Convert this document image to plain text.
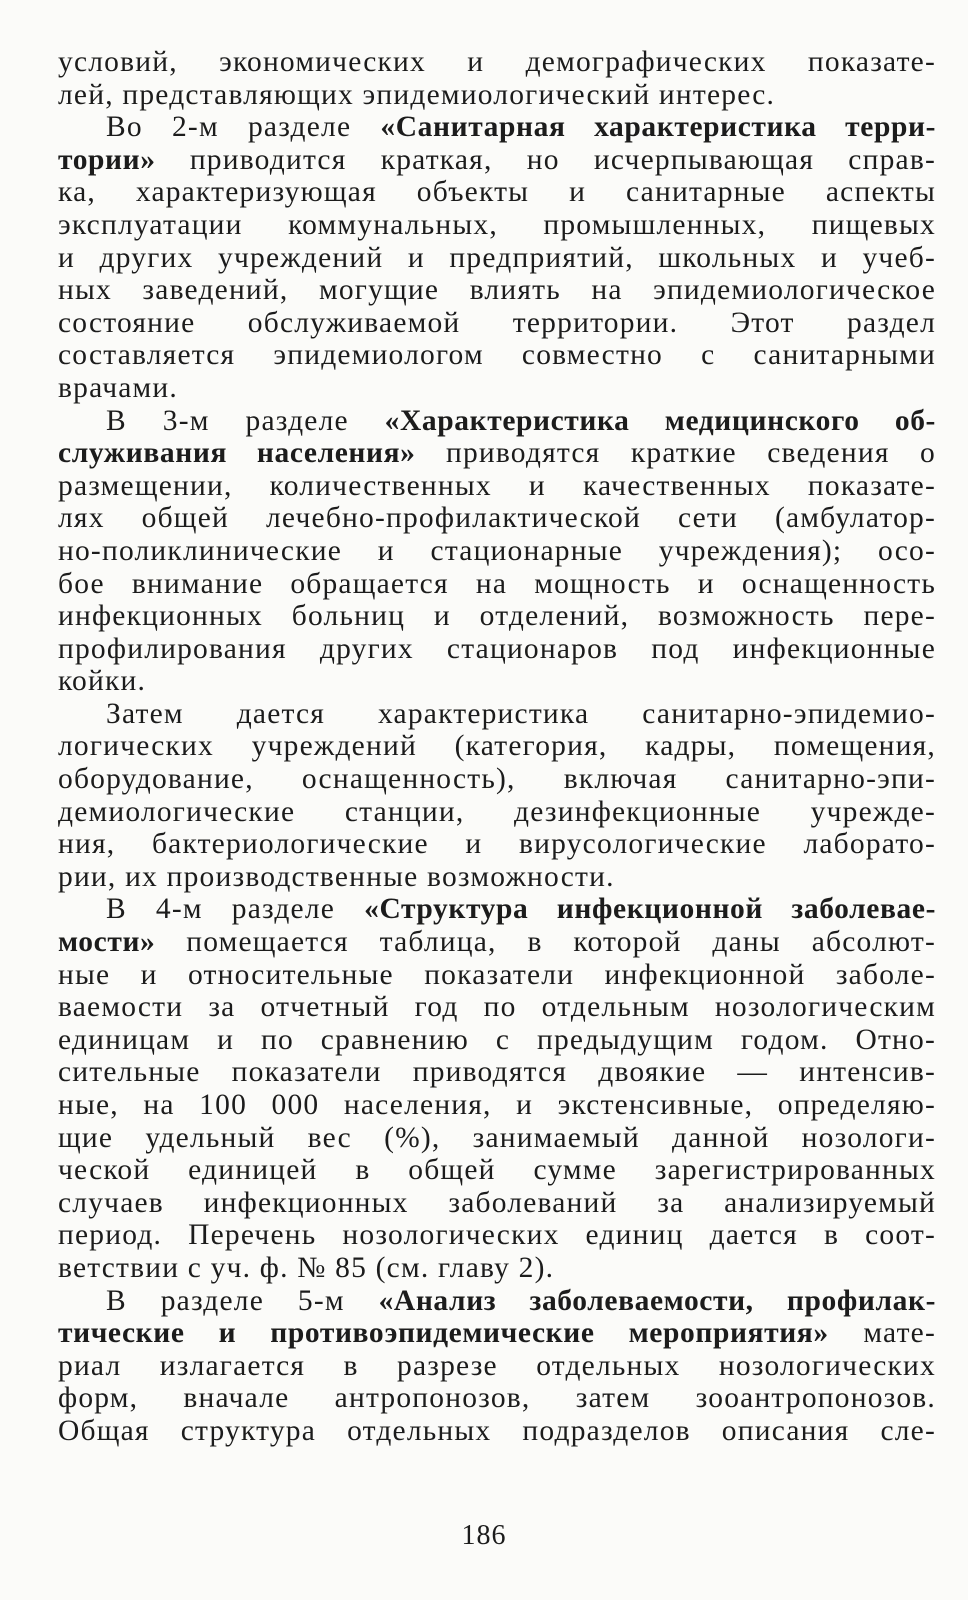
условий, экономических и демографических показате-
лей, представляющих эпидемиологический интерес.
Во 2-м разделе «Санитарная характеристика терри-
тории» приводится краткая, но исчерпывающая справ-
ка, характеризующая объекты и санитарные аспекты
эксплуатации коммунальных, промышленных, пищевых
и других учреждений и предприятий, школьных и учеб-
ных заведений, могущие влиять на эпидемиологическое
состояние обслуживаемой территории. Этот раздел
составляется эпидемиологом совместно с санитарными
врачами.
В 3-м разделе «Характеристика медицинского об-
служивания населения» приводятся краткие сведения о
размещении, количественных и качественных показате-
лях общей лечебно-профилактической сети (амбулатор-
но-поликлинические и стационарные учреждения); осо-
бое внимание обращается на мощность и оснащенность
инфекционных больниц и отделений, возможность пере-
профилирования других стационаров под инфекционные
койки.
Затем дается характеристика санитарно-эпидемио-
логических учреждений (категория, кадры, помещения,
оборудование, оснащенность), включая санитарно-эпи-
демиологические станции, дезинфекционные учрежде-
ния, бактериологические и вирусологические лаборато-
рии, их производственные возможности.
В 4-м разделе «Структура инфекционной заболевае-
мости» помещается таблица, в которой даны абсолют-
ные и относительные показатели инфекционной заболе-
ваемости за отчетный год по отдельным нозологическим
единицам и по сравнению с предыдущим годом. Отно-
сительные показатели приводятся двоякие — интенсив-
ные, на 100 000 населения, и экстенсивные, определяю-
щие удельный вес (%), занимаемый данной нозологи-
ческой единицей в общей сумме зарегистрированных
случаев инфекционных заболеваний за анализируемый
период. Перечень нозологических единиц дается в соот-
ветствии с уч. ф. № 85 (см. главу 2).
В разделе 5-м «Анализ заболеваемости, профилак-
тические и противоэпидемические мероприятия» мате-
риал излагается в разрезе отдельных нозологических
форм, вначале антропонозов, затем зооантропонозов.
Общая структура отдельных подразделов описания сле-
186
